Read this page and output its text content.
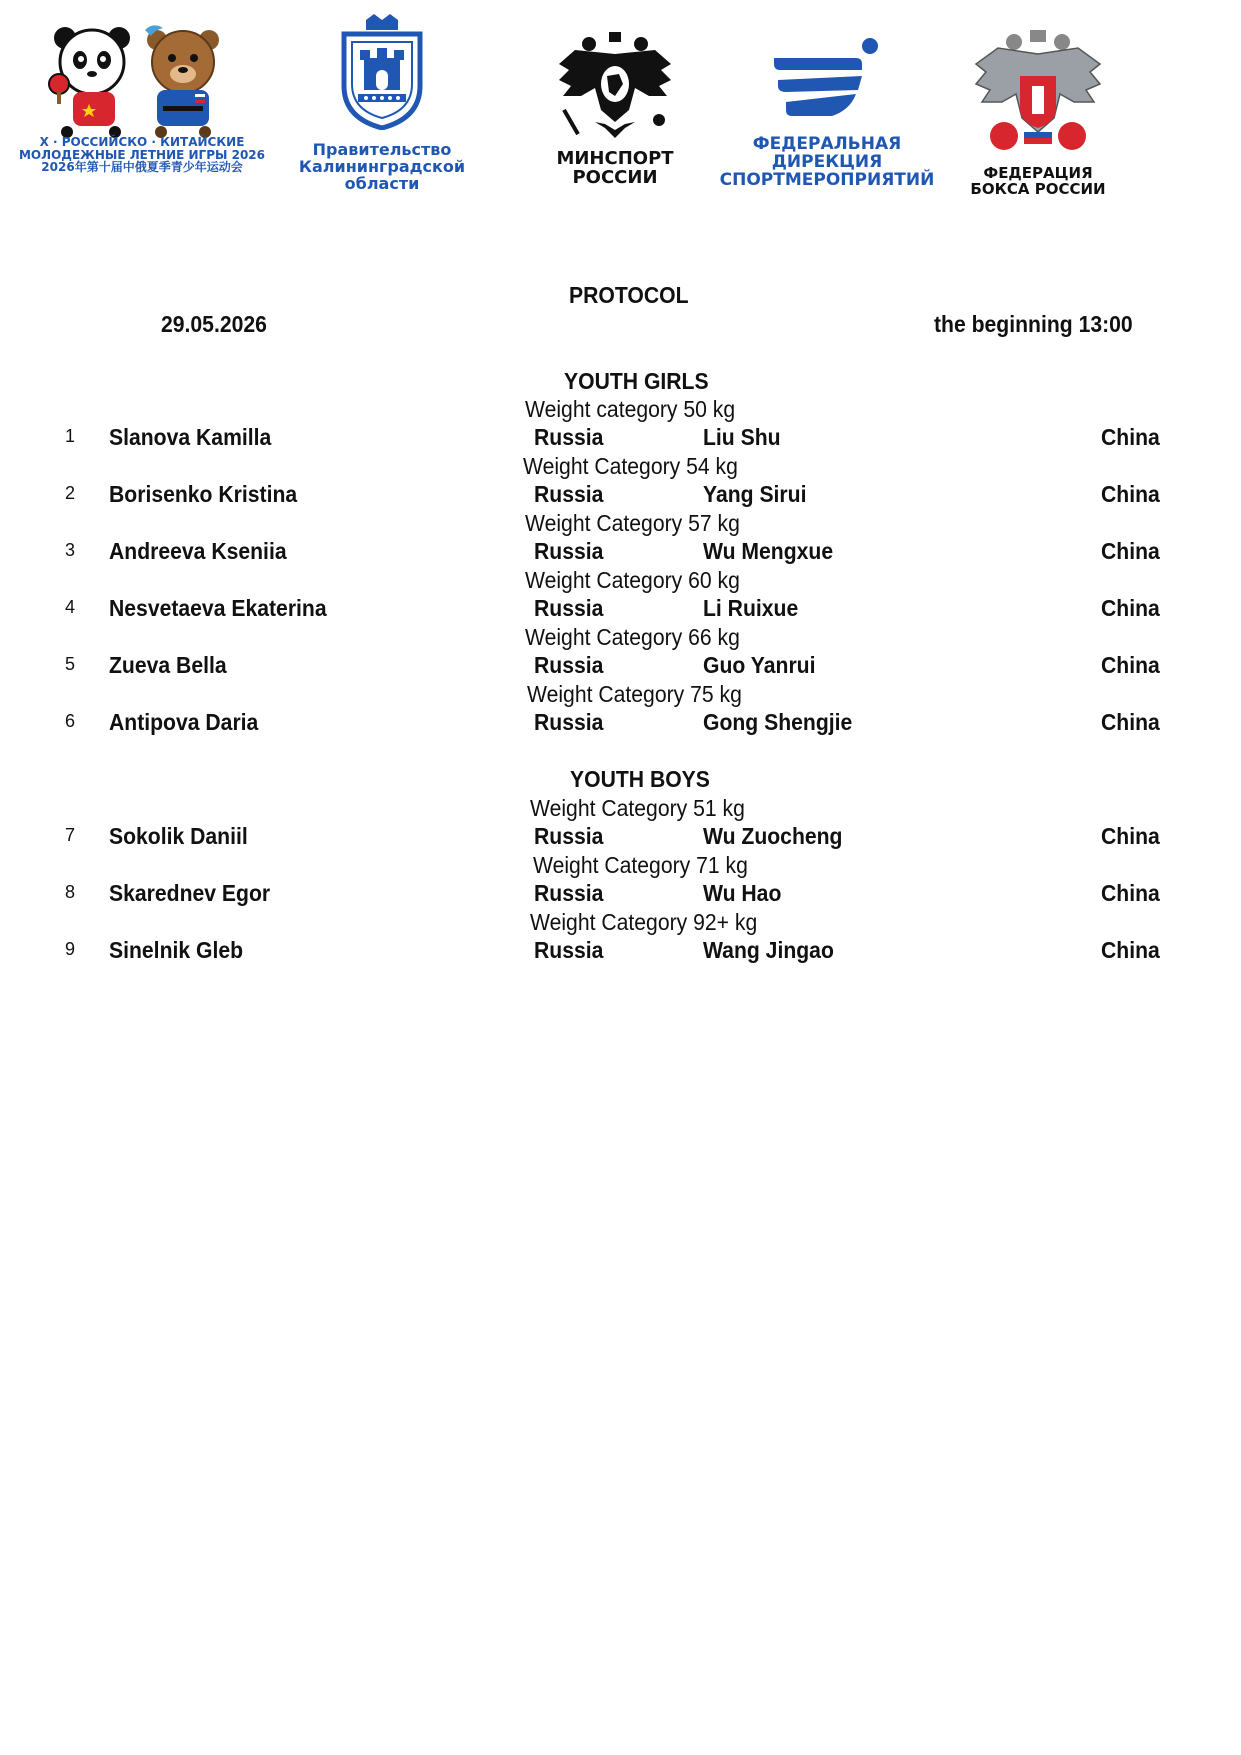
X · РОССИЙСКО · КИТАЙСКИЕ
МОЛОДЕЖНЫЕ ЛЕТНИЕ ИГРЫ 2026
2026年第十届中俄夏季青少年运动会
Правительство
Калининградской
области
МИНСПОРТ
РОССИИ
ФЕДЕРАЛЬНАЯ
ДИРЕКЦИЯ
СПОРТМЕРОПРИЯТИЙ	ФЕДЕРАЦИЯ
БОКСА РОССИИ
PROTOCOL
29.05.2026	the beginning 13:00
YOUTH GIRLS
Weight category 50 kg
1 Slanova Kamilla	Russia	Liu Shu	China
Weight Category 54 kg
2 Borisenko Kristina	Russia	Yang Sirui	China
Weight Category 57 kg
3 Andreeva Kseniia	Russia	Wu Mengxue	China
Weight Category 60 kg
4 Nesvetaeva Ekaterina	Russia	Li Ruixue	China
Weight Category 66 kg
5 Zueva Bella	Russia	Guo Yanrui	China
Weight Category 75 kg
6 Antipova Daria	Russia	Gong Shengjie	China
YOUTH BOYS
Weight Category 51 kg
7 Sokolik Daniil	Russia	Wu Zuocheng	China
Weight Category 71 kg
8 Skarednev Egor	Russia	Wu Hao	China
Weight Category 92+ kg
9 Sinelnik Gleb	Russia	Wang Jingao	China
